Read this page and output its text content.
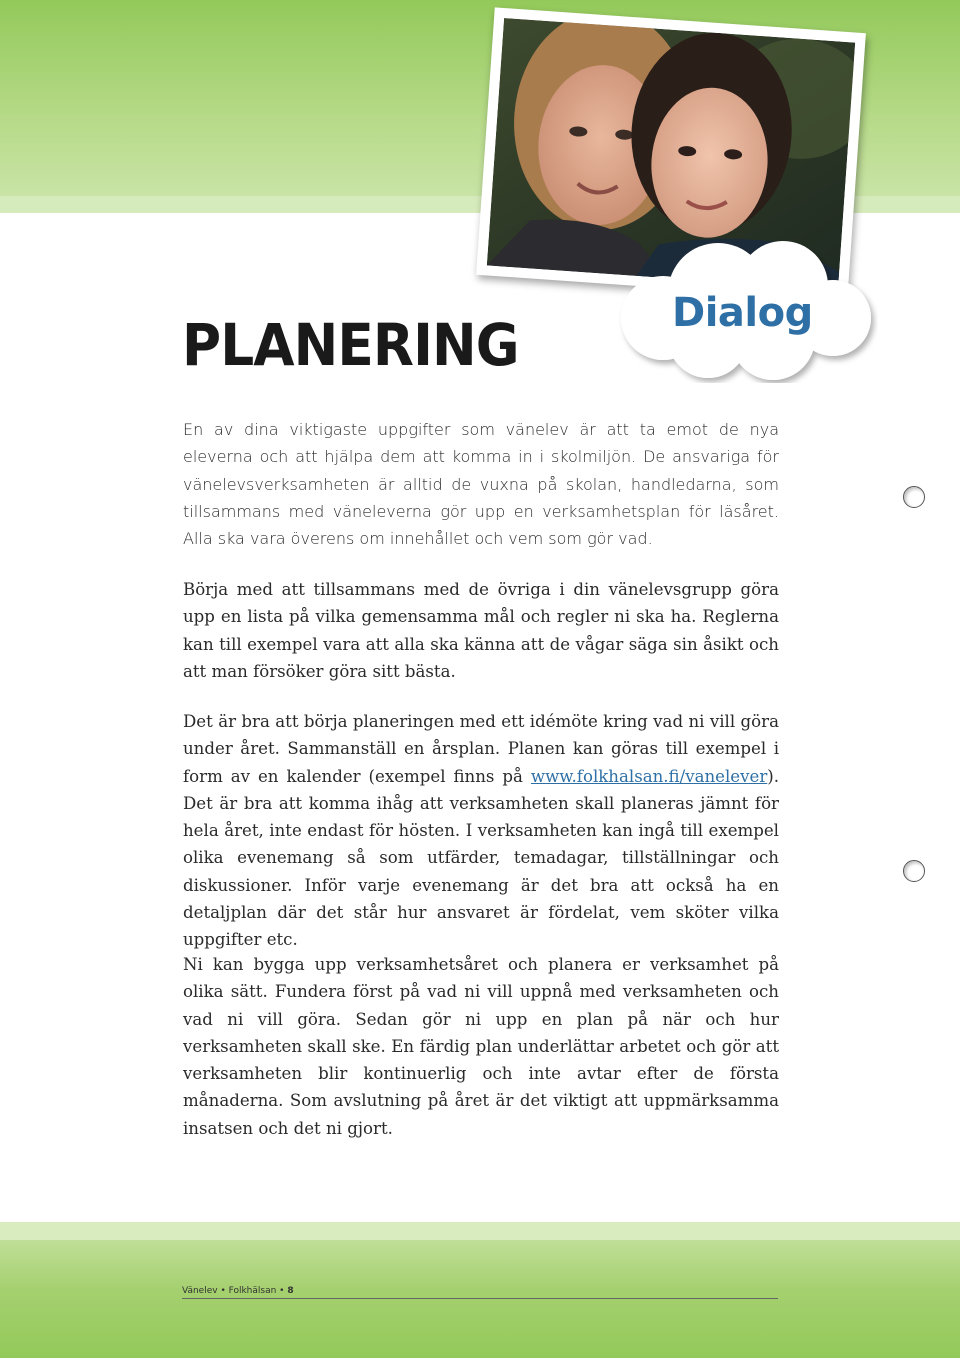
Dialog
PLANERING

En av dina viktigaste uppgifter som vänelev är att ta emot de nya eleverna och att hjälpa dem att komma in i skolmiljön. De ansvariga för vänelevsverksamheten är alltid de vuxna på skolan, handledarna, som tillsammans med väneleverna gör upp en verksamhetsplan för läsåret. Alla ska vara överens om innehållet och vem som gör vad.

Börja med att tillsammans med de övriga i din vänelevsgrupp göra upp en lista på vilka gemensamma mål och regler ni ska ha. Reglerna kan till exempel vara att alla ska känna att de vågar säga sin åsikt och att man försöker göra sitt bästa.

Det är bra att börja planeringen med ett idémöte kring vad ni vill göra under året. Sammanställ en årsplan. Planen kan göras till exempel i form av en kalender (exempel finns på www.folkhalsan.fi/vanelever). Det är bra att komma ihåg att verksamheten skall planeras jämnt för hela året, inte endast för hösten. I verksamheten kan ingå till exempel olika evenemang så som utfärder, temadagar, tillställningar och diskussioner. Inför varje evenemang är det bra att också ha en detaljplan där det står hur ansvaret är fördelat, vem sköter vilka uppgifter etc.

Ni kan bygga upp verksamhetsåret och planera er verksamhet på olika sätt. Fundera först på vad ni vill uppnå med verksamheten och vad ni vill göra. Sedan gör ni upp en plan på när och hur verksamheten skall ske. En färdig plan underlättar arbetet och gör att verksamheten blir kontinuerlig och inte avtar efter de första månaderna. Som avslutning på året är det viktigt att uppmärksamma insatsen och det ni gjort.

Vänelev • Folkhälsan • 8
